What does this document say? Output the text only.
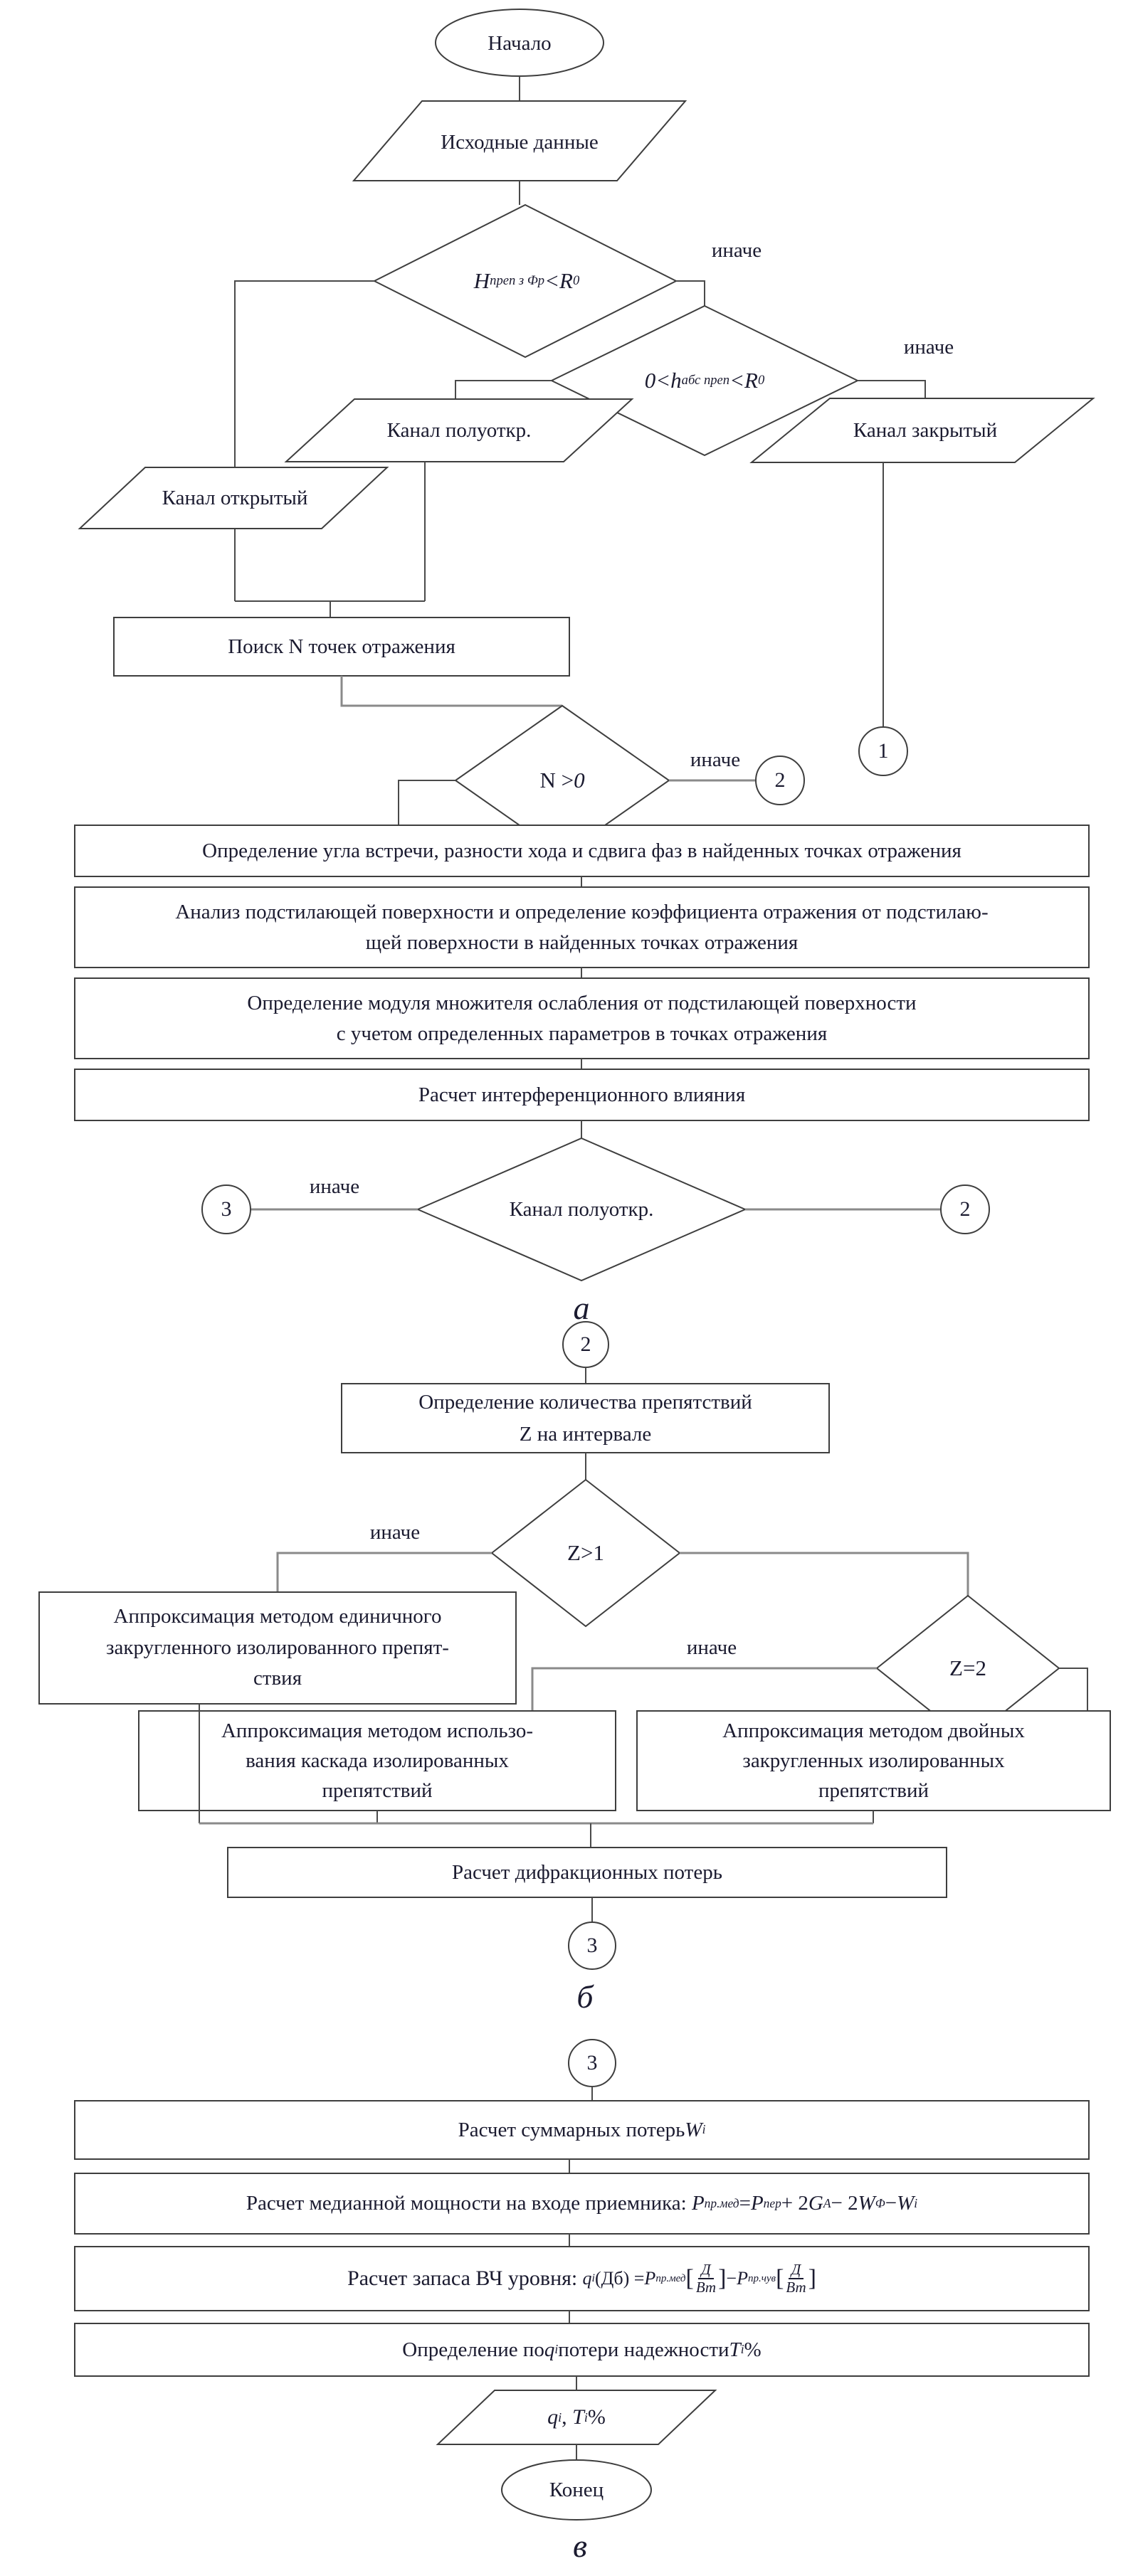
Начало
Исходные данные
H преп з Фр < R 0
иначе
0< h абс преп < R 0
иначе
Канал закрытый
Канал полуоткр.
Канал открытый
Поиск N точек отражения
N > 0
иначе
2
1
Определение угла встречи, разности хода и сдвига фаз в найденных точках отражения
Анализ подстилающей поверхности и определение коэффициента отражения от подстилаю-
щей поверхности в найденных точках отражения
Определение модуля множителя ослабления от подстилающей поверхности
с учетом определенных параметров в точках отражения
Расчет интерференционного влияния
Канал полуоткр.
иначе
3	2
а
2
Определение количества препятствий
Z на интервале
Z>1
иначе
Аппроксимация методом единичного
закругленного изолированного препят-
ствия
иначе
Z=2
Аппроксимация методом использо-
вания каскада изолированных
препятствий
Аппроксимация методом двойных
закругленных изолированных
препятствий
Расчет дифракционных потерь
3
б
3
Расчет суммарных потерь W i
Расчет медианной мощности на входе приемника:
P пр.мед = P пер + 2 G A − 2 W Ф − W i
Расчет запаса ВЧ уровня:
q i (Дб) = P пр.мед [ $\frac{Д}{Вт}$ ] − P пр.чув [ $\frac{Д}{Вт}$ ]
Определение по q i потери надежности T i %
q i ,
T i %
Конец
в
